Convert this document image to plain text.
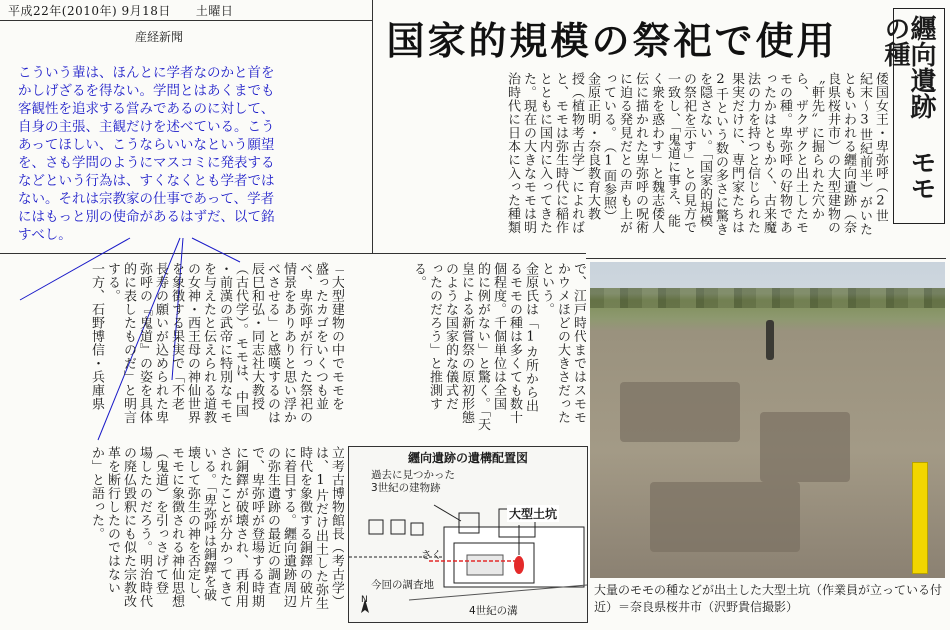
平成22年(2010年) 9月18日　　土曜日
産経新聞
こういう輩は、ほんとに学者なのかと首を
かしげざるを得ない。学問とはあくまでも
客観性を追求する営みであるのに対して、
自身の主張、主観だけを述べている。こう
あってほしい、こうならいいなという願望
を、さも学問のようにマスコミに発表する
などという行為は、すくなくとも学者では
ない。それは宗教家の仕事であって、学者
にはもっと別の使命があるはずだ、以て銘
すべし。
国家的規模の祭祀で使用	纒向遺跡 モモの種
倭国女王・卑弥呼（2世
紀末〜3世紀前半）がいた
ともいわれる纒向遺跡（奈
良県桜井市）の大型建物の
〝軒先〟に掘られた穴か
ら、ザクザクと出土したモ
モの種。卑弥呼の好物であ
ったかはともかく、古来魔
法の力を持つと信じられた
果実だけに、専門家たちは
2千という数の多さに驚き
を隠さない。「国家的規模
の祭祀を示す」との見方で
一致し、「鬼道に事え、能
く衆を惑わす」と魏志倭人
伝に描かれた卑弥呼の呪術
に迫る発見だとの声も上が
っている。　（1面参照）
金原正明・奈良教育大教
授（植物考古学）によれば
と、モモは弥生時代に稲作
とともに国内に入ってきた
た。現在の大きなモモは明
治時代に日本に入った種類
で、江戸時代まではスモモ
かウメほどの大きさだった
という。
金原氏は「1カ所から出
るモモの種は多くても数十
個程度。千個単位は全国
的に例がない」と驚く。「天
皇による新嘗祭の原初形態
のような国家的な儀式だ
ったのだろう」と推測す
る。
「大型建物の中でモモを
盛ったカゴをいくつも並
べ、卑弥呼が行った祭祀の
情景をありありと思い浮か
べさせる」と感嘆するのは
辰巳和弘・同志社大教授
（古代学）。モモは、中国
・前漢の武帝に特別なモモ
を与えたと伝えられる道教
の女神・西王母の神仙世界
を象徴する果実で「不老
長寿の願いが込められた卑
弥呼の『鬼道』の姿を具体
的に表したものだ」と明言
する。
一方、石野博信・兵庫県
立考古博物館長（考古学）
は、1片だけ出土した弥生
時代を象徴する銅鐸の破片
に着目する。纒向遺跡周辺
の弥生遺跡の最近の調査
で、卑弥呼が登場する時期
に銅鐸が破壊され、再利用
されたことが分かってきて
いる。「卑弥呼は銅鐸を破
壊して弥生の神を否定し、
モモに象徴される神仙思想
（鬼道）を引っさげて登
場したのだろう。明治時代
の廃仏毀釈にも似た宗教改
革を断行したのではない
か」と語った。	纒向遺跡の遺構配置図
過去に見つかった
3世紀の建物跡
大型土坑
さく
今回の調査地
4世紀の溝
N
大量のモモの種などが出土した大型土坑（作業員が立っている付近）＝奈良県桜井市（沢野貴信撮影）
